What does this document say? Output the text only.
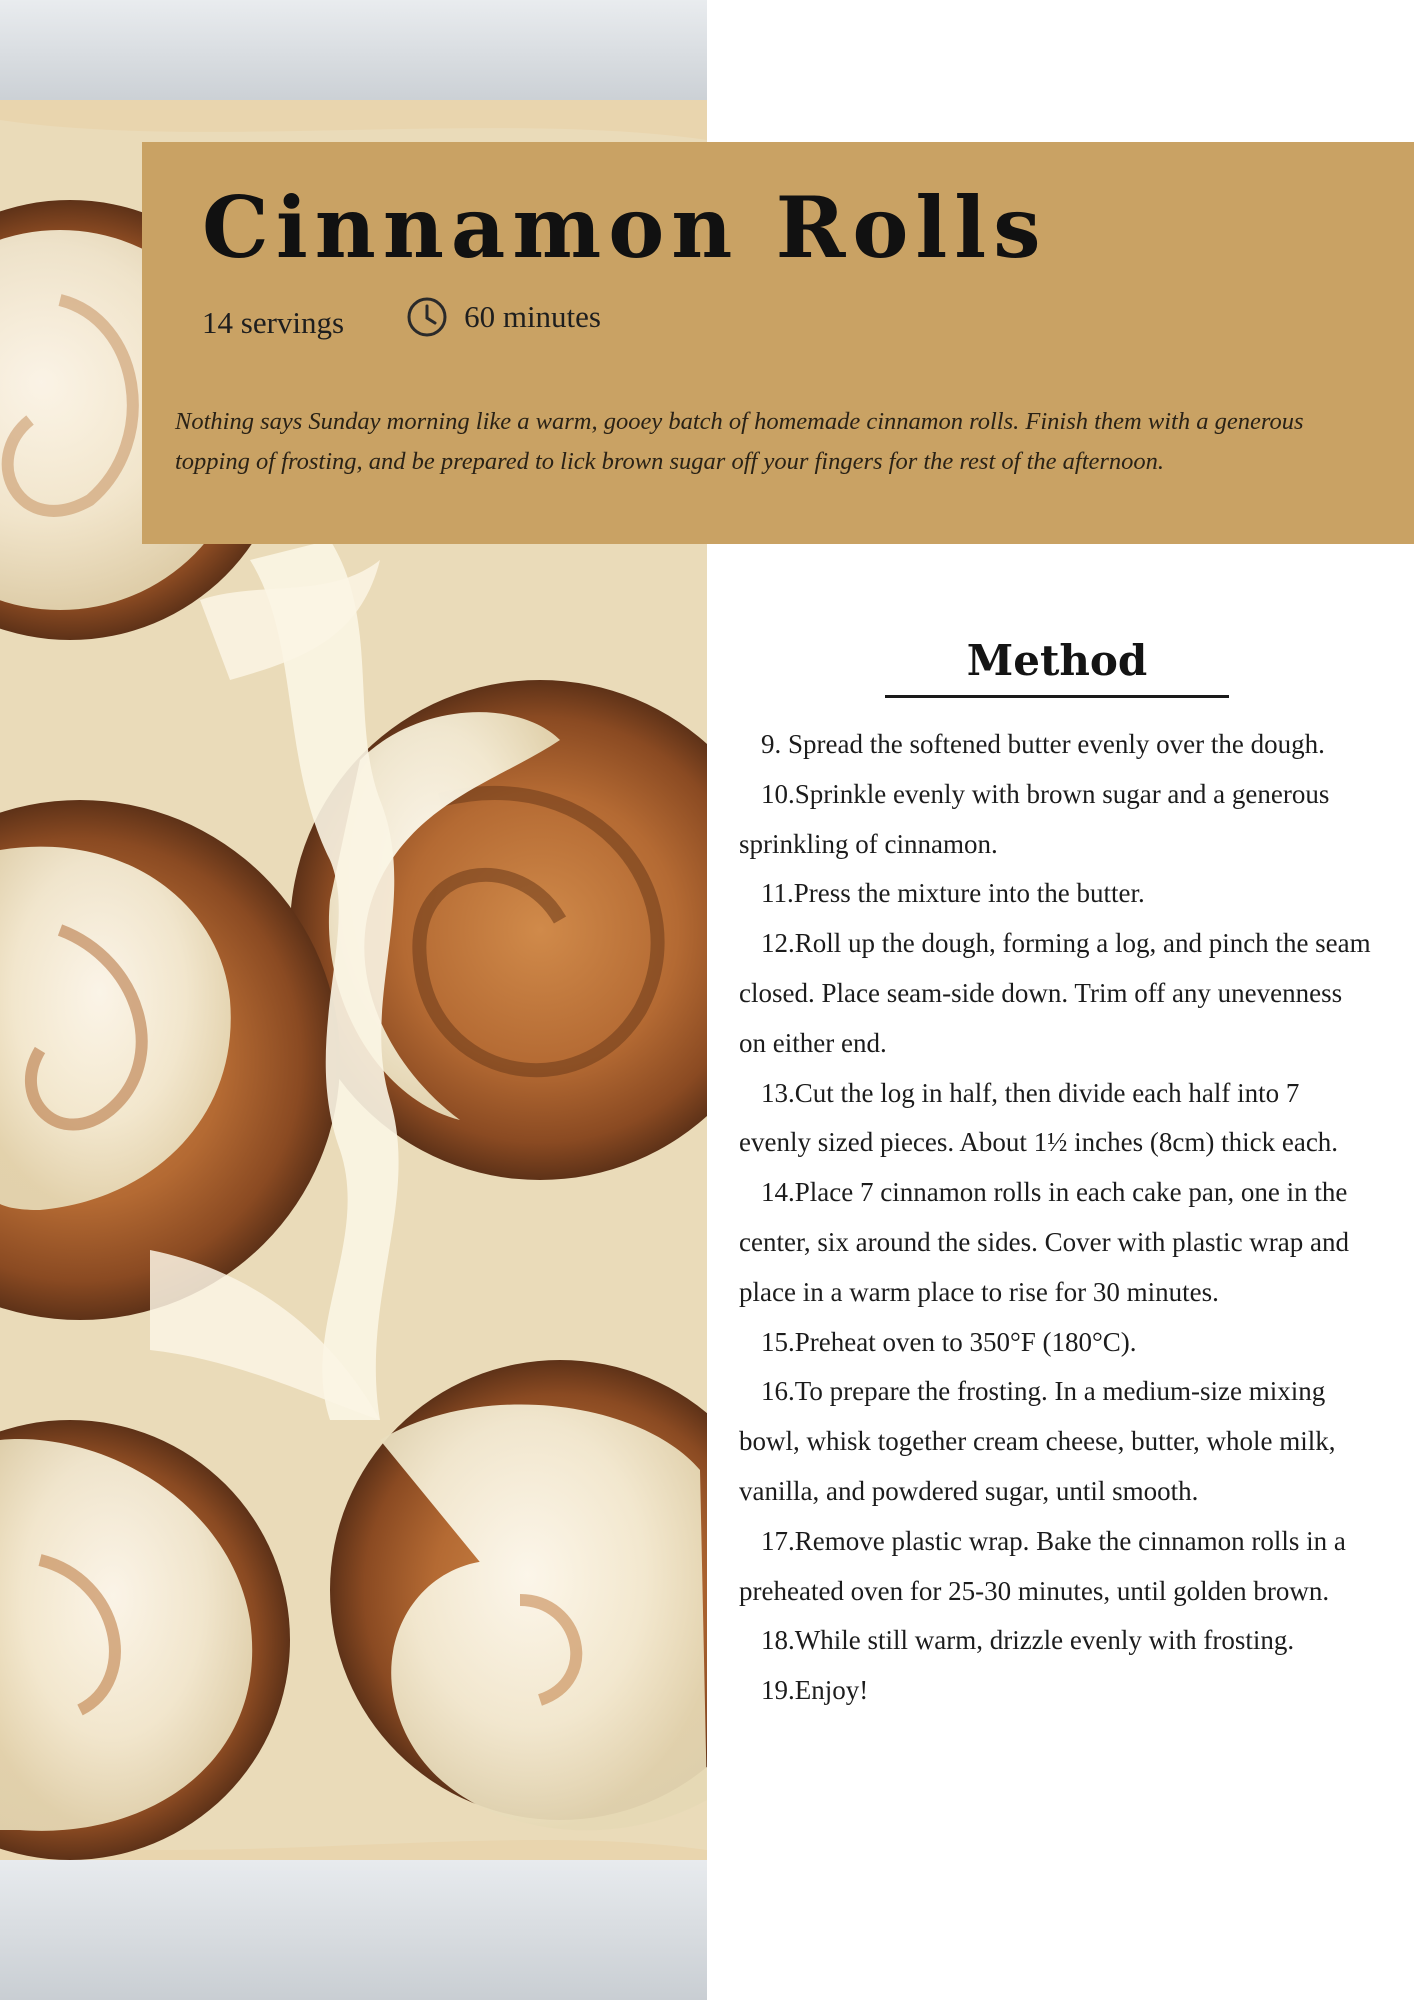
Cinnamon Rolls
14 servings	60 minutes

Nothing says Sunday morning like a warm, gooey batch of homemade cinnamon rolls. Finish them with a generous topping of frosting, and be prepared to lick brown sugar off your fingers for the rest of the afternoon.

Method
9. Spread the softened butter evenly over the dough.
10.Sprinkle evenly with brown sugar and a generous sprinkling of cinnamon.
11.Press the mixture into the butter.
12.Roll up the dough, forming a log, and pinch the seam closed. Place seam-side down. Trim off any unevenness on either end.
13.Cut the log in half, then divide each half into 7 evenly sized pieces. About 1½ inches (8cm) thick each.
14.Place 7 cinnamon rolls in each cake pan, one in the center, six around the sides. Cover with plastic wrap and place in a warm place to rise for 30 minutes.
15.Preheat oven to 350°F (180°C).
16.To prepare the frosting. In a medium-size mixing bowl, whisk together cream cheese, butter, whole milk, vanilla, and powdered sugar, until smooth.
17.Remove plastic wrap. Bake the cinnamon rolls in a preheated oven for 25-30 minutes, until golden brown.
18.While still warm, drizzle evenly with frosting.
19.Enjoy!
